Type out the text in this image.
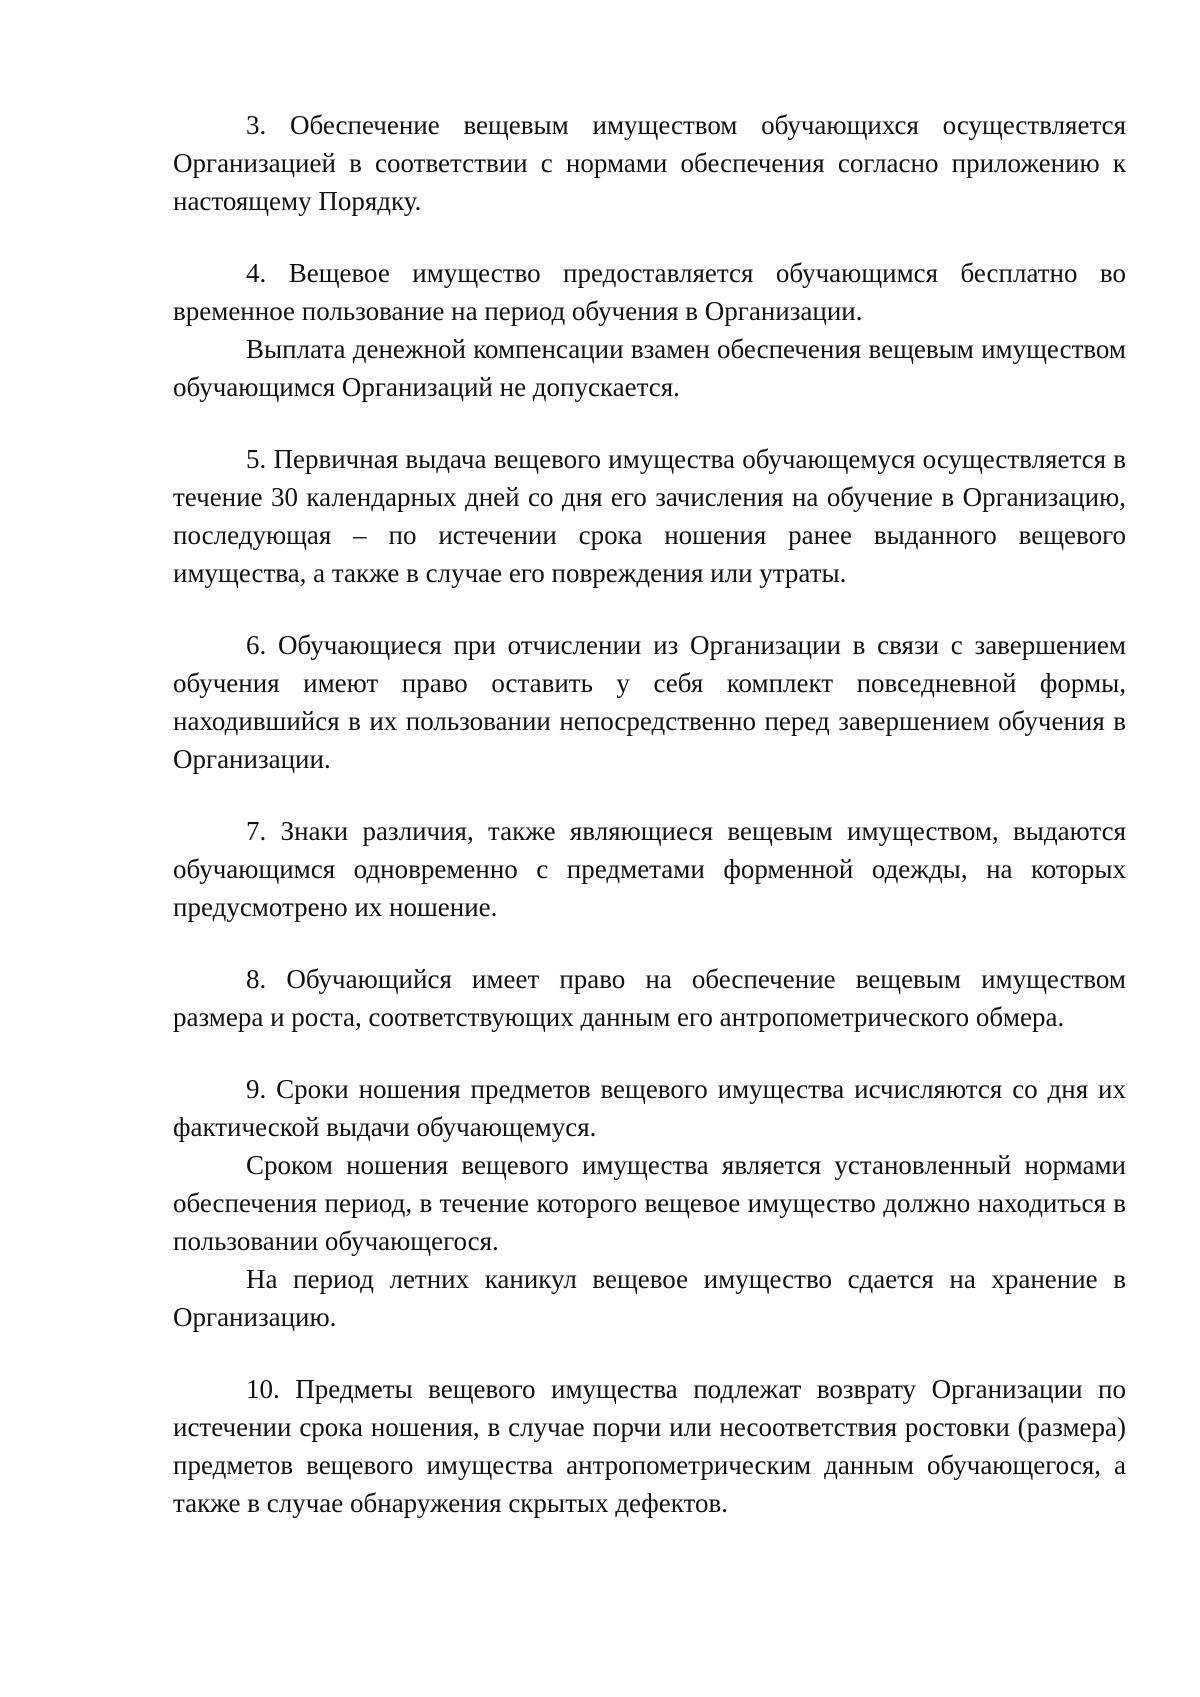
3. Обеспечение вещевым имуществом обучающихся осуществляется Организацией в соответствии с нормами обеспечения согласно приложению к настоящему Порядку.

4. Вещевое имущество предоставляется обучающимся бесплатно во временное пользование на период обучения в Организации.

Выплата денежной компенсации взамен обеспечения вещевым имуществом обучающимся Организаций не допускается.

5. Первичная выдача вещевого имущества обучающемуся осуществляется в течение 30 календарных дней со дня его зачисления на обучение в Организацию, последующая – по истечении срока ношения ранее выданного вещевого имущества, а также в случае его повреждения или утраты.

6. Обучающиеся при отчислении из Организации в связи с завершением обучения имеют право оставить у себя комплект повседневной формы, находившийся в их пользовании непосредственно перед завершением обучения в Организации.

7. Знаки различия, также являющиеся вещевым имуществом, выдаются обучающимся одновременно с предметами форменной одежды, на которых предусмотрено их ношение.

8. Обучающийся имеет право на обеспечение вещевым имуществом размера и роста, соответствующих данным его антропометрического обмера.

9. Сроки ношения предметов вещевого имущества исчисляются со дня их фактической выдачи обучающемуся.

Сроком ношения вещевого имущества является установленный нормами обеспечения период, в течение которого вещевое имущество должно находиться в пользовании обучающегося.

На период летних каникул вещевое имущество сдается на хранение в Организацию.

10. Предметы вещевого имущества подлежат возврату Организации по истечении срока ношения, в случае порчи или несоответствия ростовки (размера) предметов вещевого имущества антропометрическим данным обучающегося, а также в случае обнаружения скрытых дефектов.
